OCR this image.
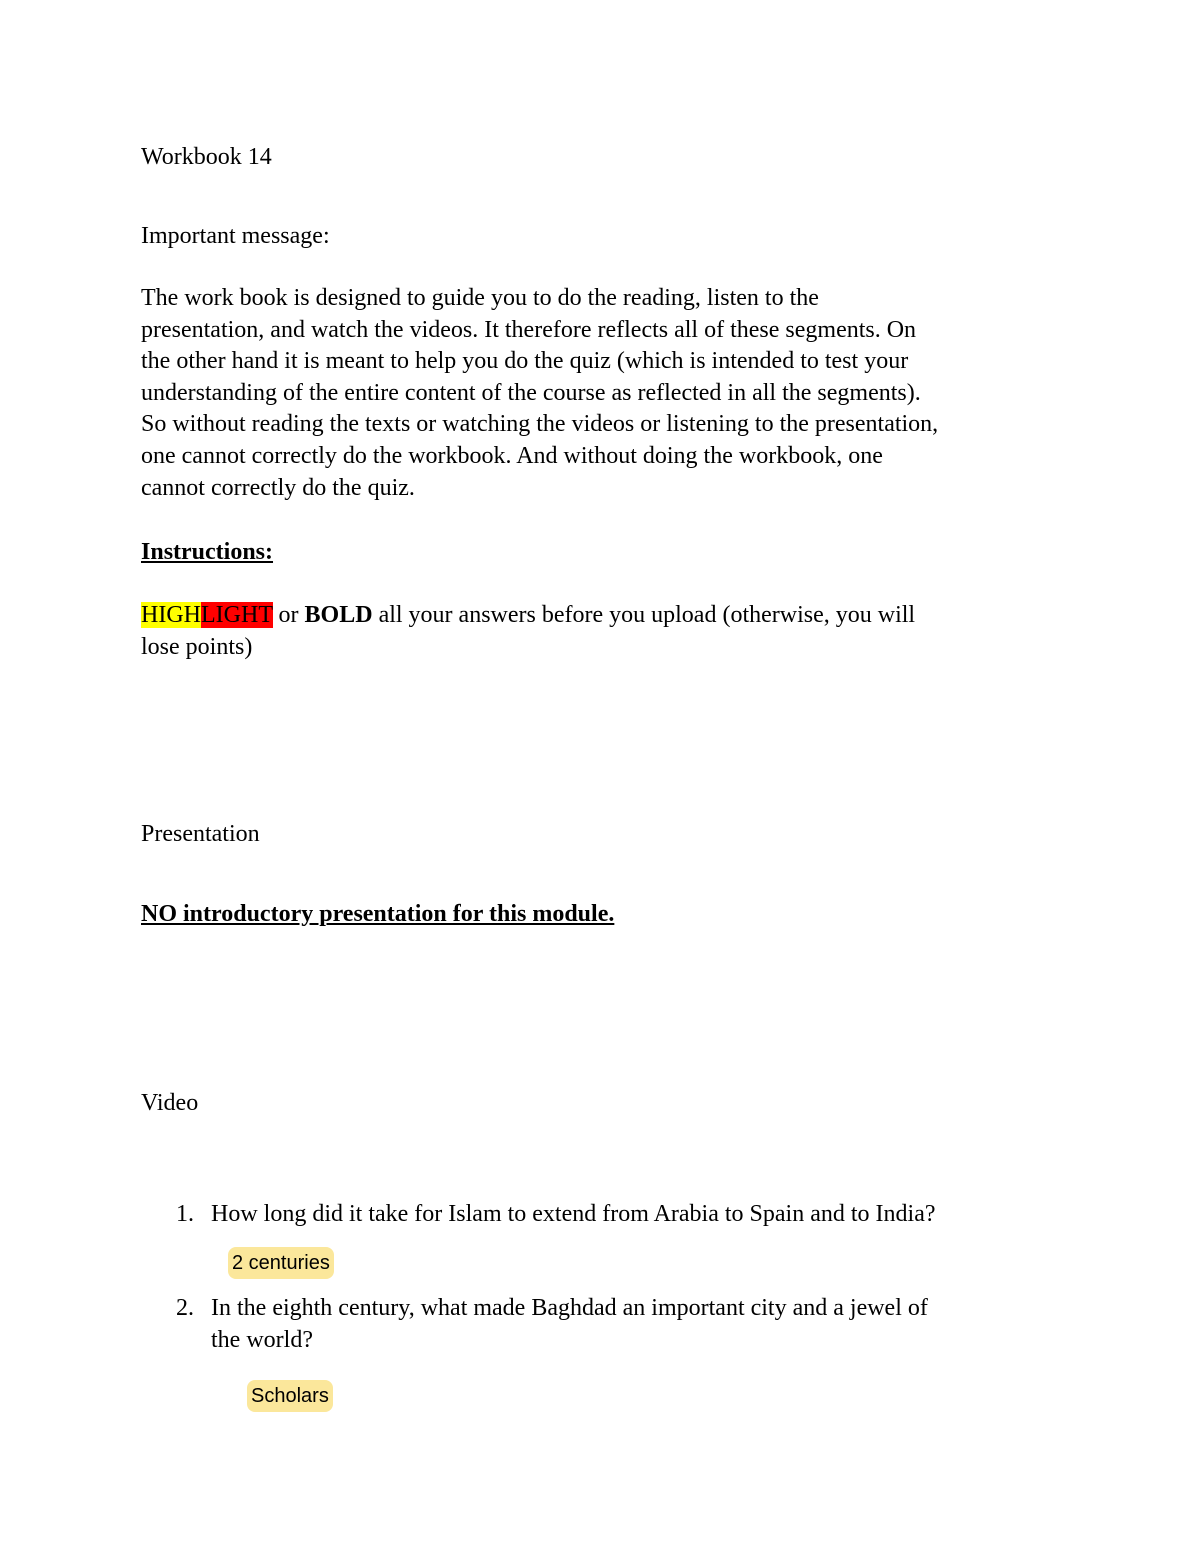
Workbook 14
Important message:
The work book is designed to guide you to do the reading, listen to the
presentation, and watch the videos. It therefore reflects all of these segments. On
the other hand it is meant to help you do the quiz (which is intended to test your
understanding of the entire content of the course as reflected in all the segments).
So without reading the texts or watching the videos or listening to the presentation,
one cannot correctly do the workbook. And without doing the workbook, one
cannot correctly do the quiz.
Instructions:
HIGHLIGHT or BOLD all your answers before you upload (otherwise, you will
lose points)
Presentation
NO introductory presentation for this module.
Video
1. How long did it take for Islam to extend from Arabia to Spain and to India?
2 centuries
2. In the eighth century, what made Baghdad an important city and a jewel of
the world?
Scholars
